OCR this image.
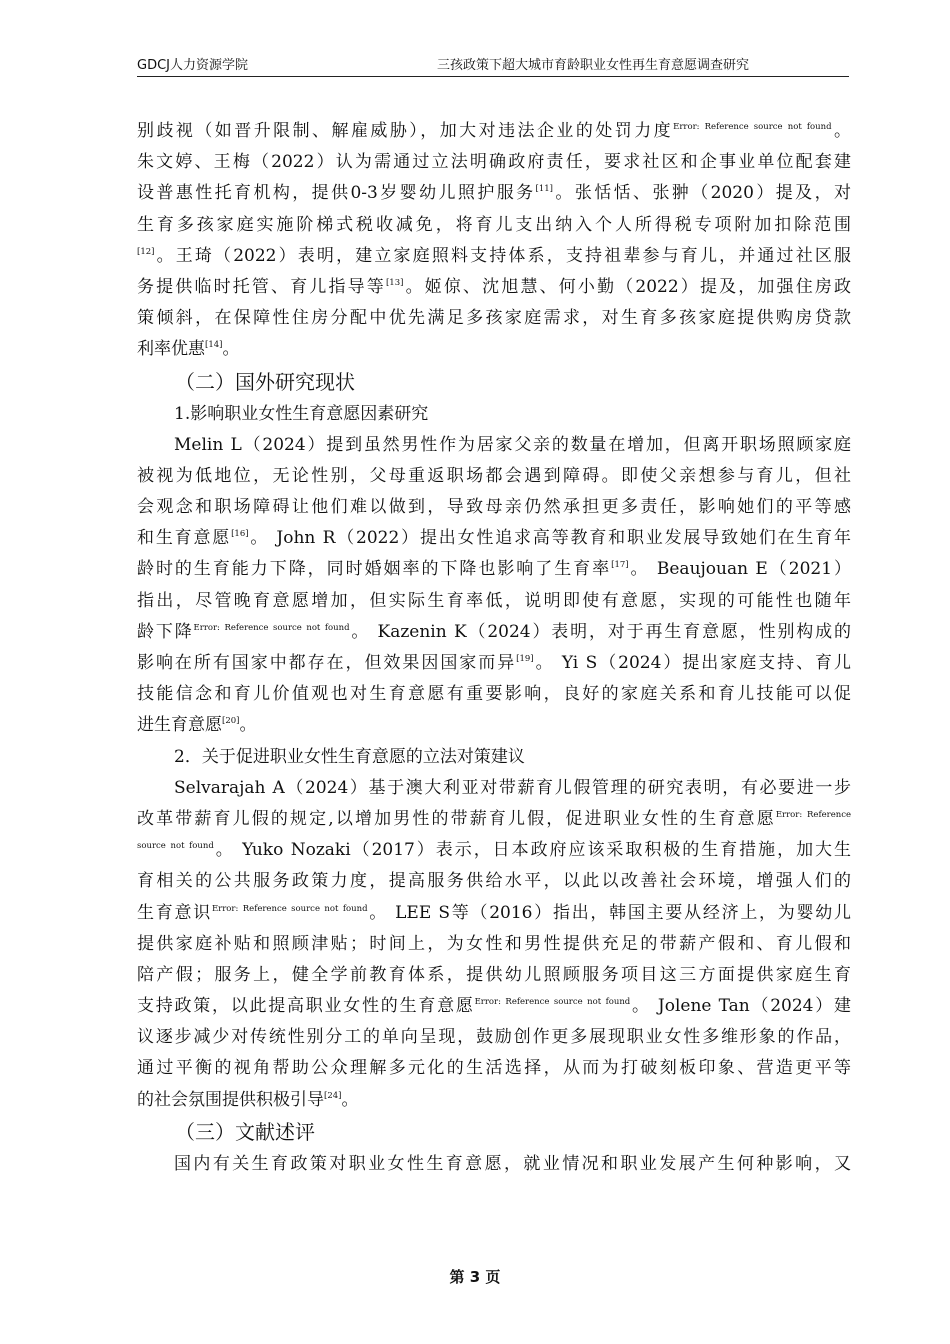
GDCJ人力资源学院	三孩政策下超大城市育龄职业女性再生育意愿调查研究
别歧视（如晋升限制、解雇威胁），加大对违法企业的处罚力度$^{Error: Reference source not found}$。
朱文婷、王梅（2022）认为需通过立法明确政府责任，要求社区和企事业单位配套建
设普惠性托育机构，提供0-3岁婴幼儿照护服务[11]。张恬恬、张翀（2020）提及，对
生育多孩家庭实施阶梯式税收减免，将育儿支出纳入个人所得税专项附加扣除范围
[12]。王琦（2022）表明，建立家庭照料支持体系，支持祖辈参与育儿，并通过社区服
务提供临时托管、育儿指导等[13]。姬倞、沈旭慧、何小勤（2022）提及，加强住房政
策倾斜，在保障性住房分配中优先满足多孩家庭需求，对生育多孩家庭提供购房贷款
利率优惠[14]。
（二）国外研究现状
1.影响职业女性生育意愿因素研究
Melin L（2024）提到虽然男性作为居家父亲的数量在增加，但离开职场照顾家庭
被视为低地位，无论性别，父母重返职场都会遇到障碍。即使父亲想参与育儿，但社
会观念和职场障碍让他们难以做到，导致母亲仍然承担更多责任，影响她们的平等感
和生育意愿[16]。 John R（2022）提出女性追求高等教育和职业发展导致她们在生育年
龄时的生育能力下降，同时婚姻率的下降也影响了生育率[17]。 Beaujouan E（2021）
指出，尽管晚育意愿增加，但实际生育率低，说明即使有意愿，实现的可能性也随年
龄下降$^{Error: Reference source not found}$。 Kazenin K（2024）表明，对于再生育意愿，性别构成的
影响在所有国家中都存在，但效果因国家而异[19]。 Yi S（2024）提出家庭支持、育儿
技能信念和育儿价值观也对生育意愿有重要影响，良好的家庭关系和育儿技能可以促
进生育意愿[20]。
2．关于促进职业女性生育意愿的立法对策建议
Selvarajah A（2024）基于澳大利亚对带薪育儿假管理的研究表明，有必要进一步
改革带薪育儿假的规定,以增加男性的带薪育儿假，促进职业女性的生育意愿$^{Error: Reference}$
$^{source not found}$。 Yuko Nozaki（2017）表示，日本政府应该采取积极的生育措施，加大生
育相关的公共服务政策力度，提高服务供给水平，以此以改善社会环境，增强人们的
生育意识$^{Error: Reference source not found}$。 LEE S等（2016）指出，韩国主要从经济上，为婴幼儿
提供家庭补贴和照顾津贴；时间上，为女性和男性提供充足的带薪产假和、育儿假和
陪产假；服务上，健全学前教育体系，提供幼儿照顾服务项目这三方面提供家庭生育
支持政策，以此提高职业女性的生育意愿$^{Error: Reference source not found}$。 Jolene Tan（2024）建
议逐步减少对传统性别分工的单向呈现，鼓励创作更多展现职业女性多维形象的作品，
通过平衡的视角帮助公众理解多元化的生活选择，从而为打破刻板印象、营造更平等
的社会氛围提供积极引导[24]。
（三）文献述评
国内有关生育政策对职业女性生育意愿，就业情况和职业发展产生何种影响，又
第 3 页
